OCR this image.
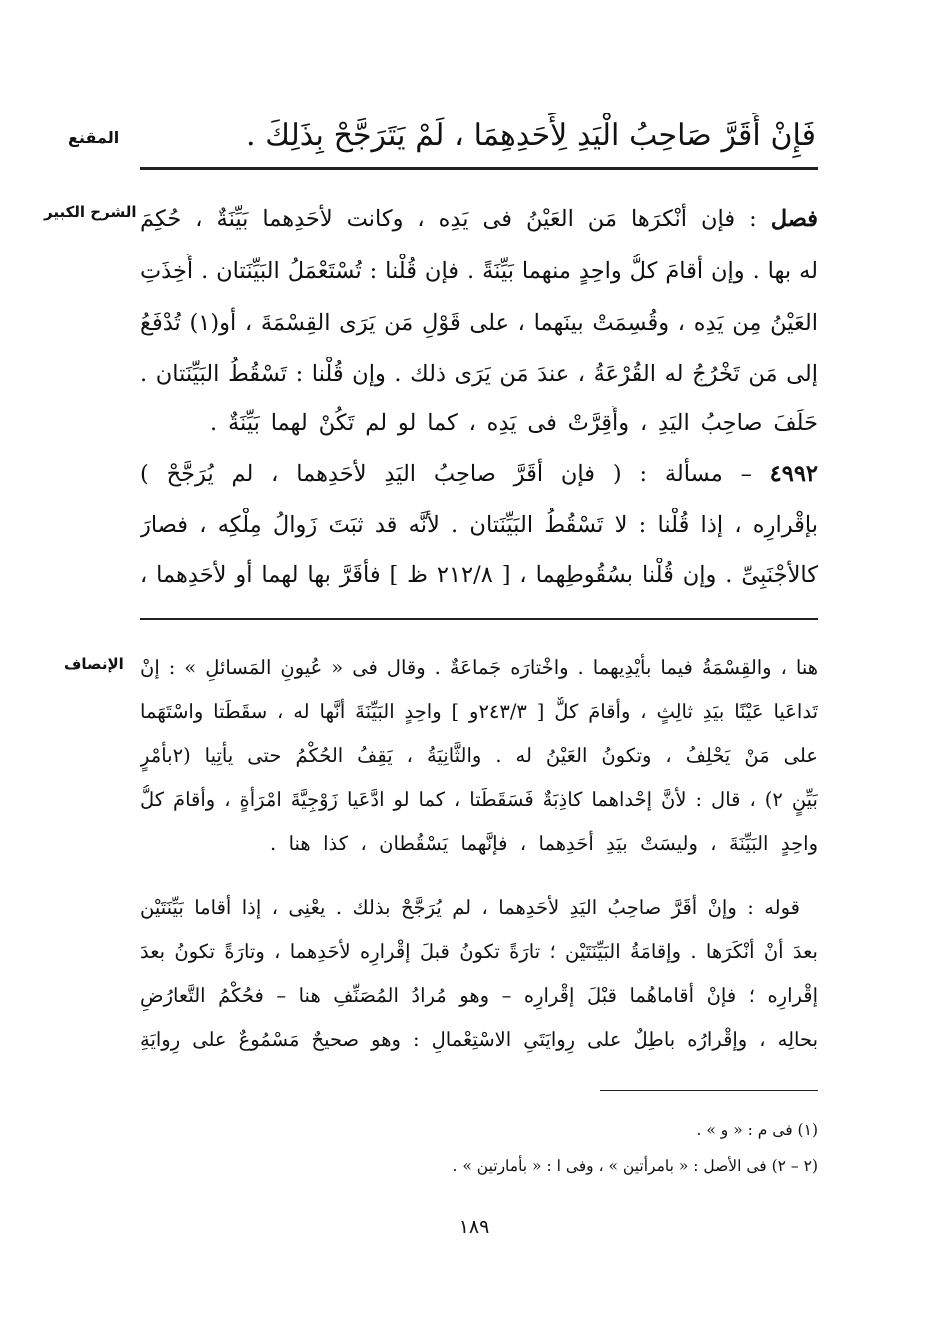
المقنع	فَإِنْ أَقَرَّ صَاحِبُ الْيَدِ لِأَحَدِهِمَا ، لَمْ يَتَرَجَّحْ بِذَلِكَ .
الشرح الكبير	فصل : فإن أنْكرَها مَن العَيْنُ فى يَدِه ، وكانت لأحَدِهما بَيِّنَةٌ ، حُكِمَ
له بها . وإن أقامَ كلُّ واحِدٍ منهما بَيِّنَةً . فإن قُلْنا : تُسْتَعْمَلُ البَيِّنَتان . أُخِذَتِ
العَيْنُ مِن يَدِه ، وقُسِمَتْ بينَهما ، على قَوْلِ مَن يَرَى القِسْمَةَ ، أو(١) تُدْفَعُ
إلى مَن تَخْرُجُ له القُرْعَةُ ، عندَ مَن يَرَى ذلك . وإن قُلْنا : تَسْقُطُ البَيِّنَتان .
حَلَفَ صاحِبُ اليَدِ ، وأُقِرَّتْ فى يَدِه ، كما لو لم تَكُنْ لهما بَيِّنَةٌ .
٤٩٩٢ – مسألة : ( فإن أقَرَّ صاحِبُ اليَدِ لأحَدِهما ، لم يُرَجَّحْ )
بإقْرارِه ، إذا قُلْنا : لا تَسْقُطُ البَيِّنَتان . لأنَّه قد ثبَتَ زَوالُ مِلْكِه ، فصارَ
كالأجْنَبِىِّ . وإن قُلْنا بسُقُوطِهما ، [ ٢١٢/٨ ظ ] فأقَرَّ بها لهما أو لأحَدِهما ،
الإنصاف هنا ، والقِسْمَةُ فيما بأيْدِيهما . واخْتارَه جَماعَةٌ . وقال فى « عُيونِ المَسائلِ » : إنْ
تَداعَيا عَيْنًا بيَدِ ثالِثٍ ، وأقامَ كلٌّ [ ٢٤٣/٣و ] واحِدٍ البَيِّنَةَ أنَّها له ، سقَطَتا واسْتَهَما
على مَنْ يَحْلِفُ ، وتكونُ العَيْنُ له . والثَّانِيَةُ ، يَقِفُ الحُكْمُ حتى يأْتِيا (٢بأَمْرٍ
بَيِّنٍ ٢) ، قال : لأنَّ إحْداهما كاذِبَةٌ فَسَقَطَتا ، كما لو ادَّعَيا زَوْجِيَّةَ امْرَأةٍ ، وأقامَ كلُّ
واحِدٍ البَيِّنَةَ ، وليسَتْ بيَدِ أحَدِهما ، فإنَّهما يَسْقُطان ، كذا هنا .
قوله : وإنْ أقَرَّ صاحِبُ اليَدِ لأحَدِهما ، لم يُرَجَّحْ بذلك . يعْنِى ، إذا أقاما بَيِّنَتَيْن
بعدَ أنْ أنْكَرَها . وإقامَةُ البَيِّنَتَيْن ؛ تارَةً تكونُ قبلَ إقْرارِه لأحَدِهما ، وتارَةً تكونُ بعدَ
إقْرارِه ؛ فإنْ أقاماهُما قبْلَ إقْرارِه – وهو مُرادُ المُصَنِّفِ هنا – فحُكْمُ التَّعارُضِ
بحالِه ، وإقْرارُه باطِلٌ على رِوايَتَىِ الاسْتِعْمالِ : وهو صحيحٌ مَسْمُوعٌ على رِوايَةِ
(١) فى م : « و » .
(٢ – ٢) فى الأصل : « بامرأتين » ، وفى ا : « بأمارتين » .
١٨٩
